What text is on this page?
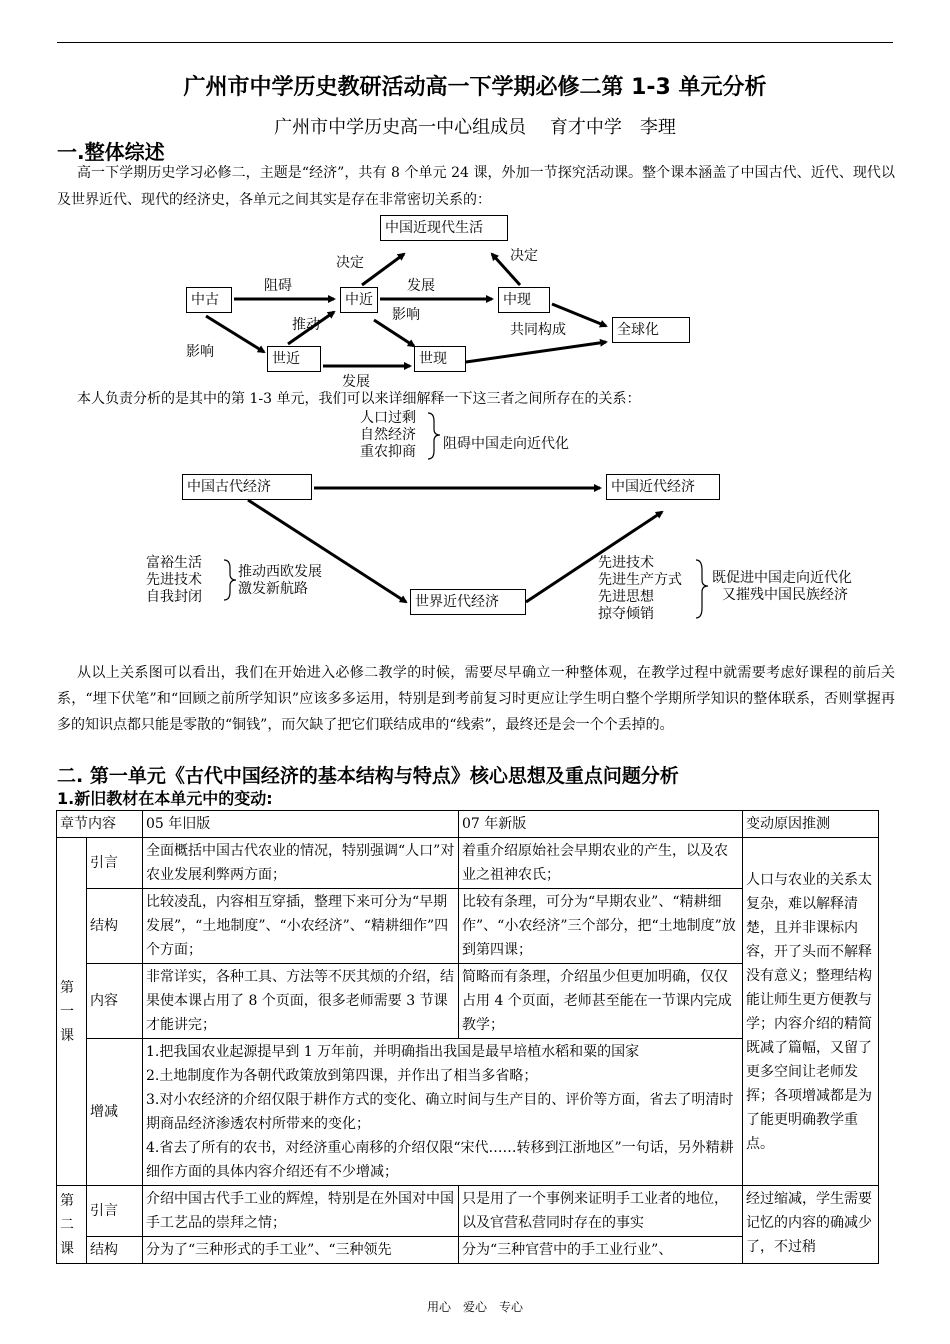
广州市中学历史教研活动高一下学期必修二第 1-3 单元分析
广州市中学历史高一中心组成员　 育才中学　李理
一.整体综述
高一下学期历史学习必修二，主题是“经济”，共有 8 个单元 24 课，外加一节探究活动课。整个课本涵盖了中国古代、近代、现代以及世界近代、现代的经济史，各单元之间其实是存在非常密切关系的：
中国近现代生活
中古	中近	中现
全球化
世近	世现
阻碍	发展
决定	决定
推动
影响
影响
共同构成
发展
本人负责分析的是其中的第 1-3 单元，我们可以来详细解释一下这三者之间所存在的关系：
人口过剩
自然经济
重农抑商 阻碍中国走向近代化
中国古代经济	中国近代经济
世界近代经济
富裕生活
先进技术
自我封闭
推动西欧发展
激发新航路
先进技术
先进生产方式
先进思想
掠夺倾销
既促进中国走向近代化
又摧残中国民族经济
从以上关系图可以看出，我们在开始进入必修二教学的时候，需要尽早确立一种整体观，在教学过程中就需要考虑好课程的前后关系，“埋下伏笔”和“回顾之前所学知识”应该多多运用，特别是到考前复习时更应让学生明白整个学期所学知识的整体联系，否则掌握再多的知识点都只能是零散的“铜钱”，而欠缺了把它们联结成串的“线索”，最终还是会一个个丢掉的。
二. 第一单元《古代中国经济的基本结构与特点》核心思想及重点问题分析
1.新旧教材在本单元中的变动:
章节内容		05 年旧版	07 年新版	变动原因推测
第一课	引言	全面概括中国古代农业的情况，特别强调“人口”对农业发展利弊两方面；	着重介绍原始社会早期农业的产生，以及农业之祖神农氏；	人口与农业的关系太复杂，难以解释清楚，且并非课标内容，开了头而不解释没有意义；整理结构能让师生更方便教与学；内容介绍的精简既减了篇幅，又留了更多空间让老师发挥；各项增减都是为了能更明确教学重点。
	结构	比较凌乱，内容相互穿插，整理下来可分为“早期发展”，“土地制度”、“小农经济”、“精耕细作”四个方面；	比较有条理，可分为“早期农业”、“精耕细作”、“小农经济”三个部分，把“土地制度”放到第四课；	
	内容	非常详实，各种工具、方法等不厌其烦的介绍，结果使本课占用了 8 个页面，很多老师需要 3 节课才能讲完；	简略而有条理，介绍虽少但更加明确，仅仅占用 4 个页面，老师甚至能在一节课内完成教学；	
	增减	1.把我国农业起源提早到 1 万年前，并明确指出我国是最早培植水稻和粟的国家
2.土地制度作为各朝代政策放到第四课，并作出了相当多省略；
3.对小农经济的介绍仅限于耕作方式的变化、确立时间与生产目的、评价等方面，省去了明清时期商品经济渗透农村所带来的变化；
4.省去了所有的农书，对经济重心南移的介绍仅限“宋代……转移到江浙地区”一句话，另外精耕细作方面的具体内容介绍还有不少增减；		

第二课	引言	介绍中国古代手工业的辉煌，特别是在外国对中国手工艺品的崇拜之情；	只是用了一个事例来证明手工业者的地位，以及官营私营同时存在的事实	经过缩减，学生需要记忆的内容的确减少了，不过稍
	结构	分为了“三种形式的手工业”、“三种领先	分为“三种官营中的手工业行业”、	
用心　爱心　专心
